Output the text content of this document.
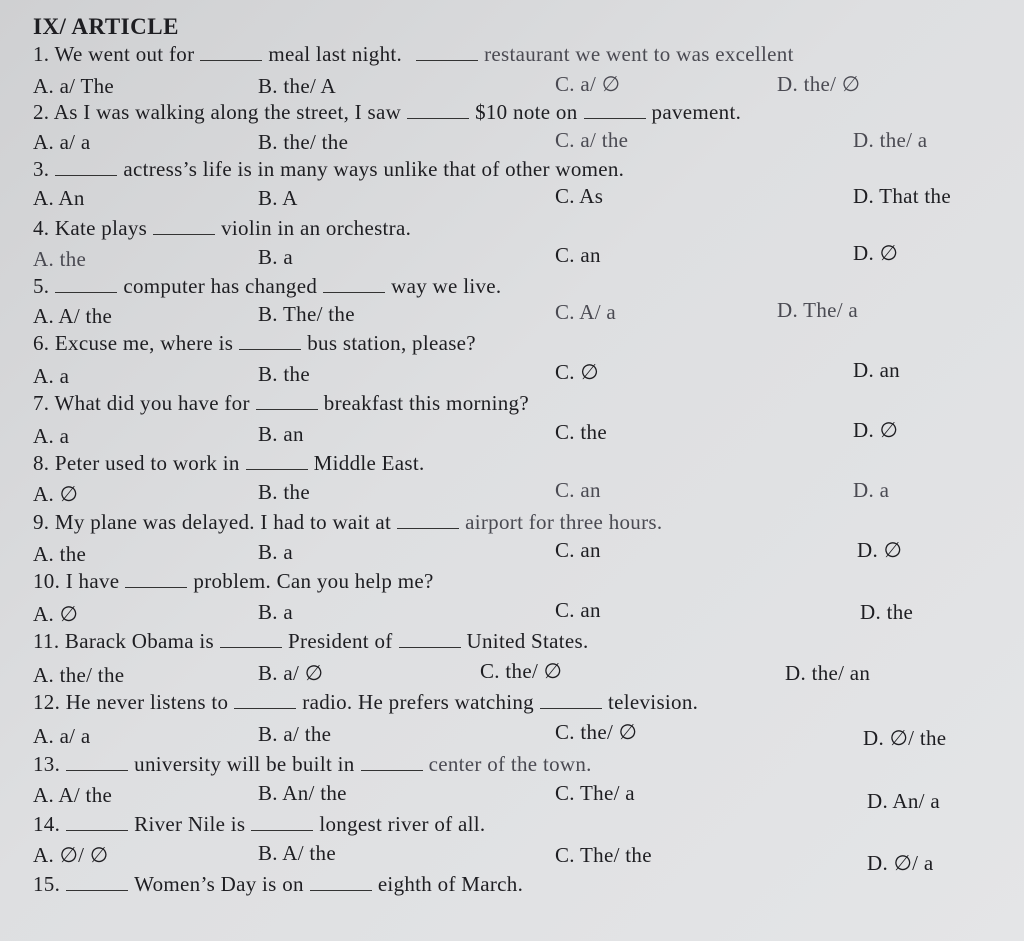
IX/ ARTICLE
1. We went out for	meal last night.	restaurant we went to was excellent
A. a/ The	B. the/ A	C. a/ ∅	D. the/ ∅
2. As I was walking along the street, I saw	$10 note on	pavement.
A. a/ a	B. the/ the	C. a/ the	D. the/ a
3.	actress’s life is in many ways unlike that of other women.
A. An	B. A	C. As	D. That the
4. Kate plays	violin in an orchestra.
A. the	B. a	C. an	D. ∅
5.	computer has changed	way we live.
A. A/ the	B. The/ the	C. A/ a	D. The/ a
6. Excuse me, where is	bus station, please?
A. a	B. the	C. ∅	D. an
7. What did you have for	breakfast this morning?
A. a	B. an	C. the	D. ∅
8. Peter used to work in	Middle East.
A. ∅	B. the	C. an	D. a
9. My plane was delayed. I had to wait at	airport for three hours.
A. the	B. a	C. an	D. ∅
10. I have	problem. Can you help me?
A. ∅	B. a	C. an	D. the
11. Barack Obama is	President of	United States.
A. the/ the	B. a/ ∅	C. the/ ∅	D. the/ an
12. He never listens to	radio. He prefers watching	television.
A. a/ a	B. a/ the	C. the/ ∅	D. ∅/ the
13.	university will be built in	center of the town.
A. A/ the	B. An/ the	C. The/ a	D. An/ a
14.	River Nile is	longest river of all.
A. ∅/ ∅	B. A/ the	C. The/ the	D. ∅/ a
15.	Women’s Day is on	eighth of March.
